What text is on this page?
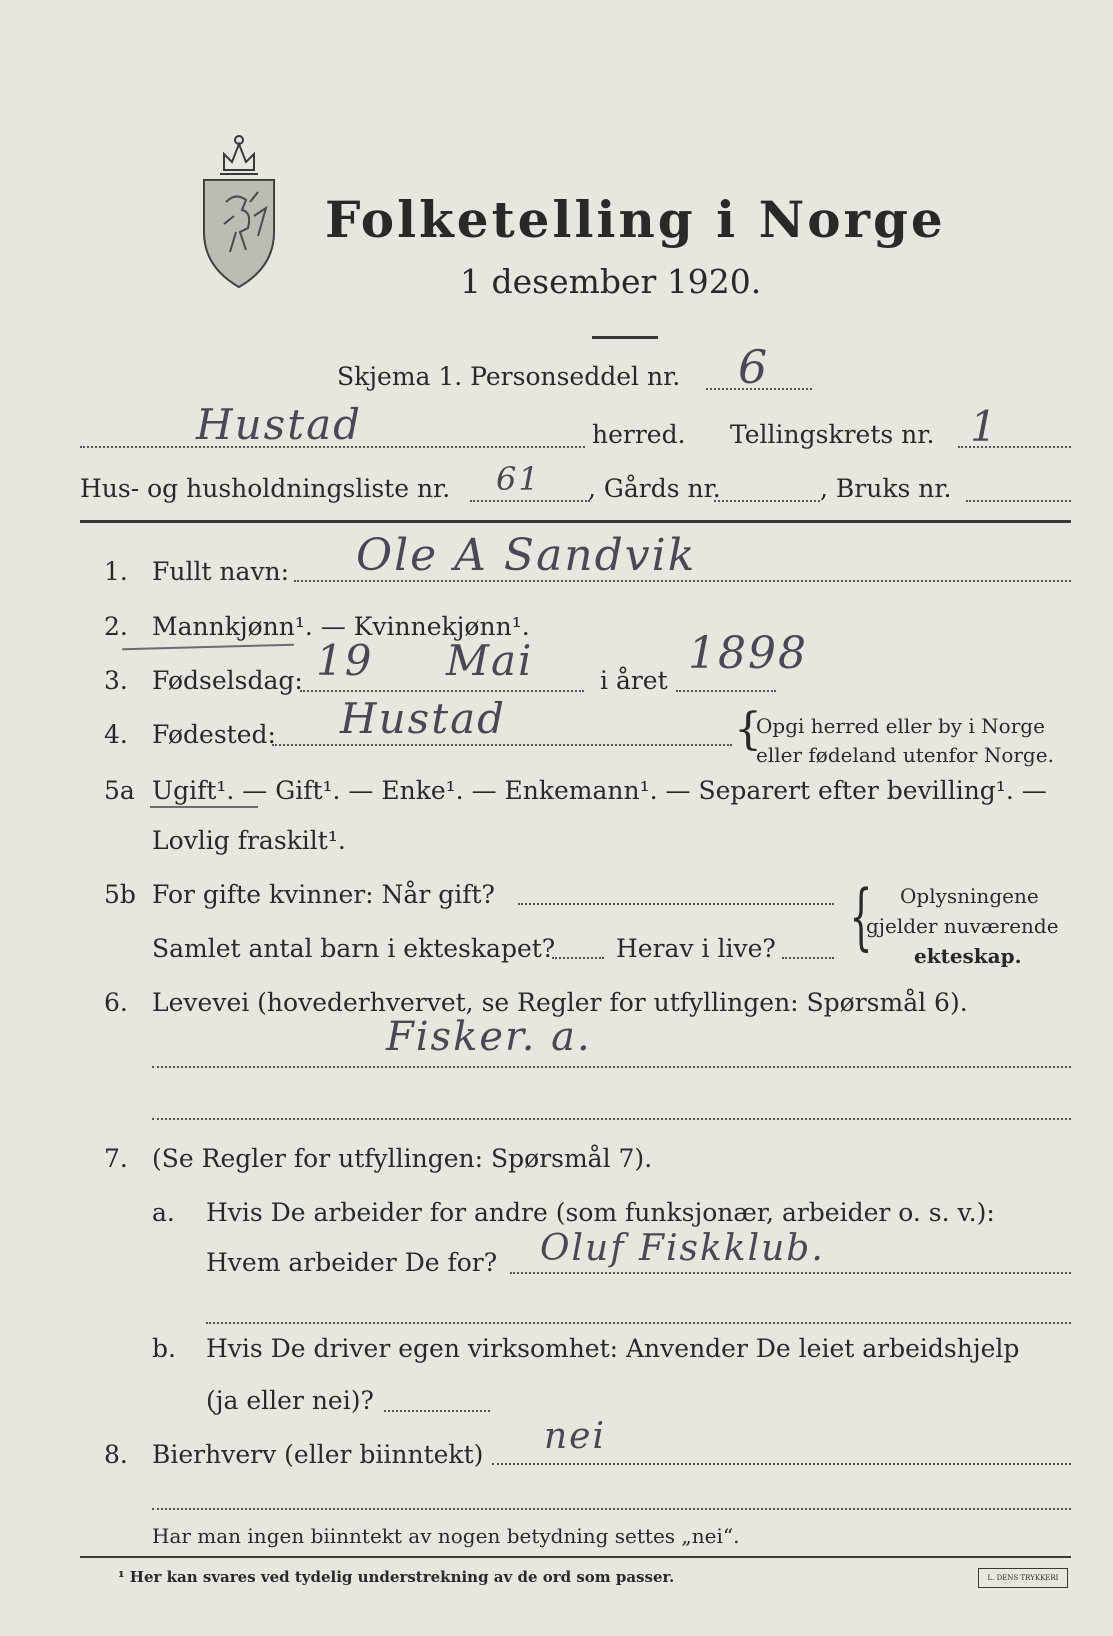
Folketelling i Norge
1 desember 1920.
Skjema 1. Personseddel nr. 6
Hustad	herred. Tellingskrets nr. 1
Hus- og husholdningsliste nr. 61 , Gårds nr.	, Bruks nr.
1. Fullt navn: Ole A Sandvik
2. Mannkjønn¹. — Kvinnekjønn¹.
3. Fødselsdag: 19 Mai	i året
1898
4. Fødested: Hustad	{
Opgi herred eller by i Norge
eller fødeland utenfor Norge.
5a Ugift¹. — Gift¹. — Enke¹. — Enkemann¹. — Separert efter bevilling¹. —
Lovlig fraskilt¹.
5b For gifte kvinner: Når gift?
Samlet antal barn i ekteskapet? Herav i live? { Oplysningene
gjelder nuværende
ekteskap.
6. Levevei (hovederhvervet, se Regler for utfyllingen: Spørsmål 6).
Fisker. a.
7. (Se Regler for utfyllingen: Spørsmål 7).
a. Hvis De arbeider for andre (som funksjonær, arbeider o. s. v.):
Hvem arbeider De for? Oluf Fiskklub.
b. Hvis De driver egen virksomhet: Anvender De leiet arbeidshjelp
(ja eller nei)?
8. Bierhverv (eller biinntekt) nei
Har man ingen biinntekt av nogen betydning settes „nei“.
¹ Her kan svares ved tydelig understrekning av de ord som passer.	L. DENS TRYKKERI
